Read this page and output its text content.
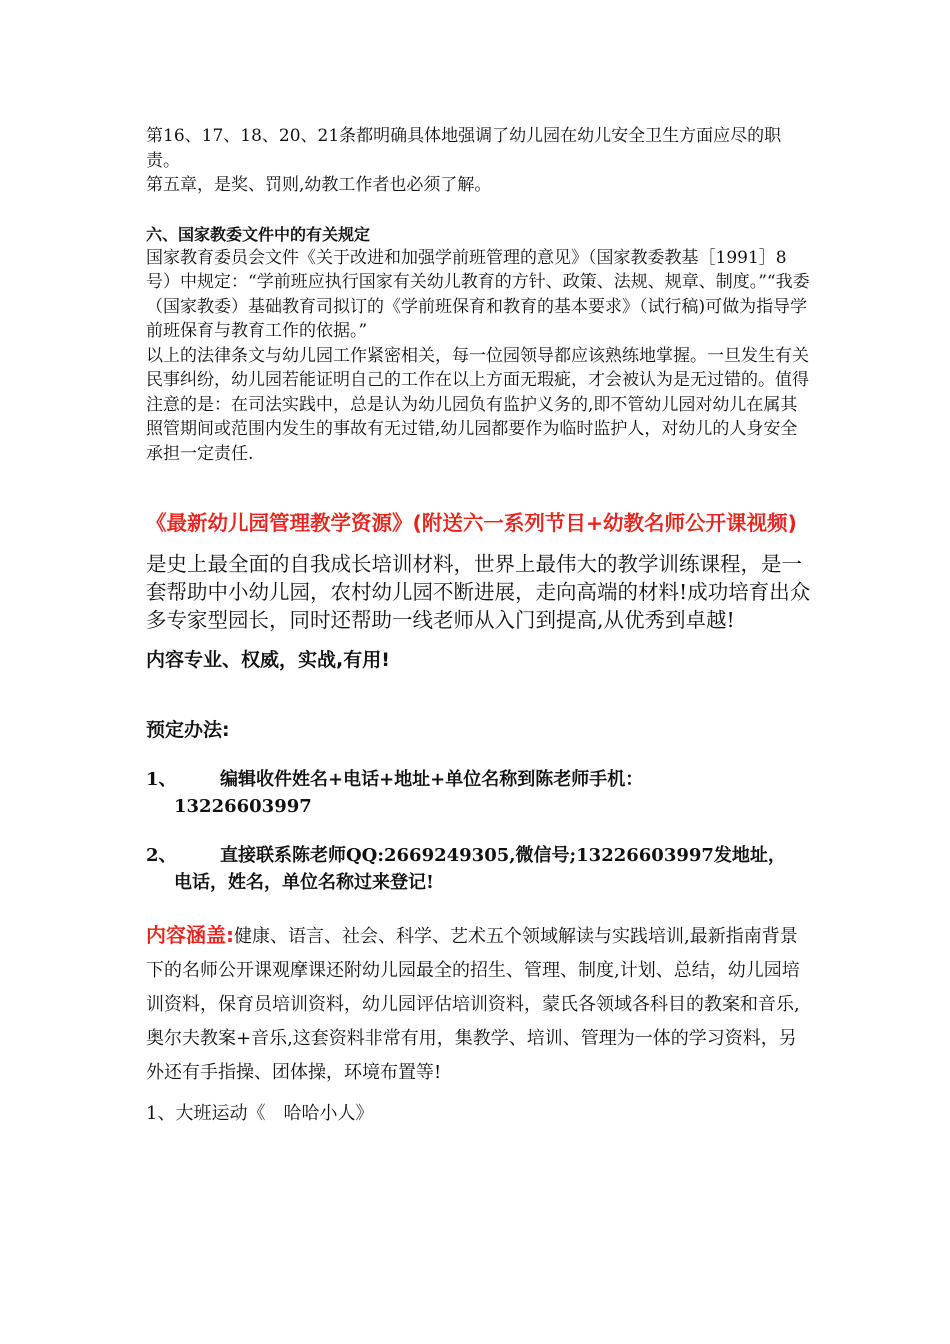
第16、17、18、20、21条都明确具体地强调了幼儿园在幼儿安全卫生方面应尽的职责。

第五章，是奖、罚则,幼教工作者也必须了解。

六、国家教委文件中的有关规定

国家教育委员会文件《关于改进和加强学前班管理的意见》（国家教委教基［1991］8 号）中规定：“学前班应执行国家有关幼儿教育的方针、政策、法规、规章、制度。”“我委（国家教委）基础教育司拟订的《学前班保育和教育的基本要求》（试行稿)可做为指导学前班保育与教育工作的依据。”

以上的法律条文与幼儿园工作紧密相关，每一位园领导都应该熟练地掌握。一旦发生有关民事纠纷，幼儿园若能证明自己的工作在以上方面无瑕疵，才会被认为是无过错的。值得注意的是：在司法实践中，总是认为幼儿园负有监护义务的,即不管幼儿园对幼儿在属其照管期间或范围内发生的事故有无过错,幼儿园都要作为临时监护人，对幼儿的人身安全承担一定责任.

《最新幼儿园管理教学资源》(附送六一系列节目+幼教名师公开课视频)

是史上最全面的自我成长培训材料，世界上最伟大的教学训练课程，是一套帮助中小幼儿园，农村幼儿园不断进展，走向高端的材料!成功培育出众多专家型园长，同时还帮助一线老师从入门到提高,从优秀到卓越!

内容专业、权威，实战,有用!

预定办法:

1、	编辑收件姓名+电话+地址+单位名称到陈老师手机：
13226603997
2、	直接联系陈老师QQ:2669249305,微信号;13226603997发地址，
电话，姓名，单位名称过来登记!

内容涵盖:健康、语言、社会、科学、艺术五个领域解读与实践培训,最新指南背景下的名师公开课观摩课还附幼儿园最全的招生、管理、制度,计划、总结，幼儿园培训资料，保育员培训资料，幼儿园评估培训资料，蒙氏各领域各科目的教案和音乐,奥尔夫教案+音乐,这套资料非常有用，集教学、培训、管理为一体的学习资料，另外还有手指操、团体操，环境布置等!

1、大班运动《　哈哈小人》
